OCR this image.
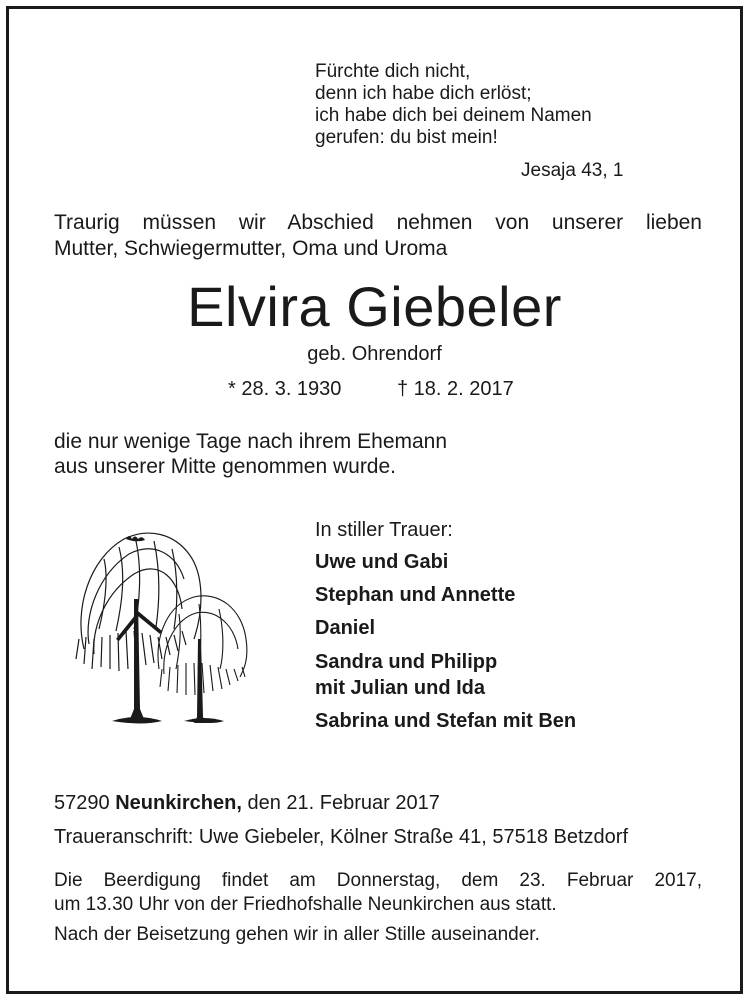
Fürchte dich nicht,
denn ich habe dich erlöst;
ich habe dich bei deinem Namen
gerufen: du bist mein!
Jesaja 43, 1
Traurig müssen wir Abschied nehmen von unserer lieben
Mutter, Schwiegermutter, Oma und Uroma
Elvira Giebeler
geb. Ohrendorf
* 28. 3. 1930	† 18. 2. 2017
die nur wenige Tage nach ihrem Ehemann
aus unserer Mitte genommen wurde.
In stiller Trauer:
Uwe und Gabi
Stephan und Annette
Daniel
Sandra und Philipp
mit Julian und Ida
Sabrina und Stefan mit Ben
57290 Neunkirchen, den 21. Februar 2017
Traueranschrift: Uwe Giebeler, Kölner Straße 41, 57518 Betzdorf
Die Beerdigung findet am Donnerstag, dem 23. Februar 2017,
um 13.30 Uhr von der Friedhofshalle Neunkirchen aus statt.
Nach der Beisetzung gehen wir in aller Stille auseinander.
